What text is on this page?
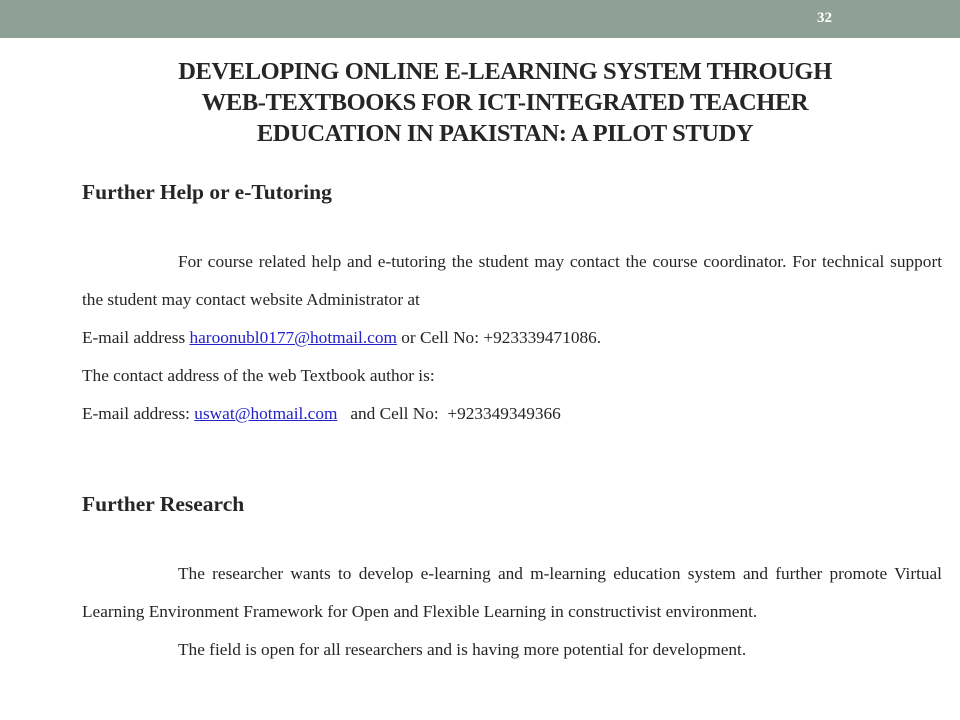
32
DEVELOPING ONLINE E-LEARNING SYSTEM THROUGH
WEB-TEXTBOOKS FOR ICT-INTEGRATED TEACHER
EDUCATION IN PAKISTAN: A PILOT STUDY
Further Help or e-Tutoring

For course related help and e-tutoring the student may contact the course coordinator. For technical support the student may contact website Administrator at

E-mail address haroonubl0177@hotmail.com or Cell No: +923339471086.

The contact address of the web Textbook author is:

E-mail address: uswat@hotmail.com   and Cell No:  +923349349366

Further Research

The researcher wants to develop e-learning and m-learning education system and further promote Virtual Learning Environment Framework for Open and Flexible Learning in constructivist environment.

The field is open for all researchers and is having more potential for development.
